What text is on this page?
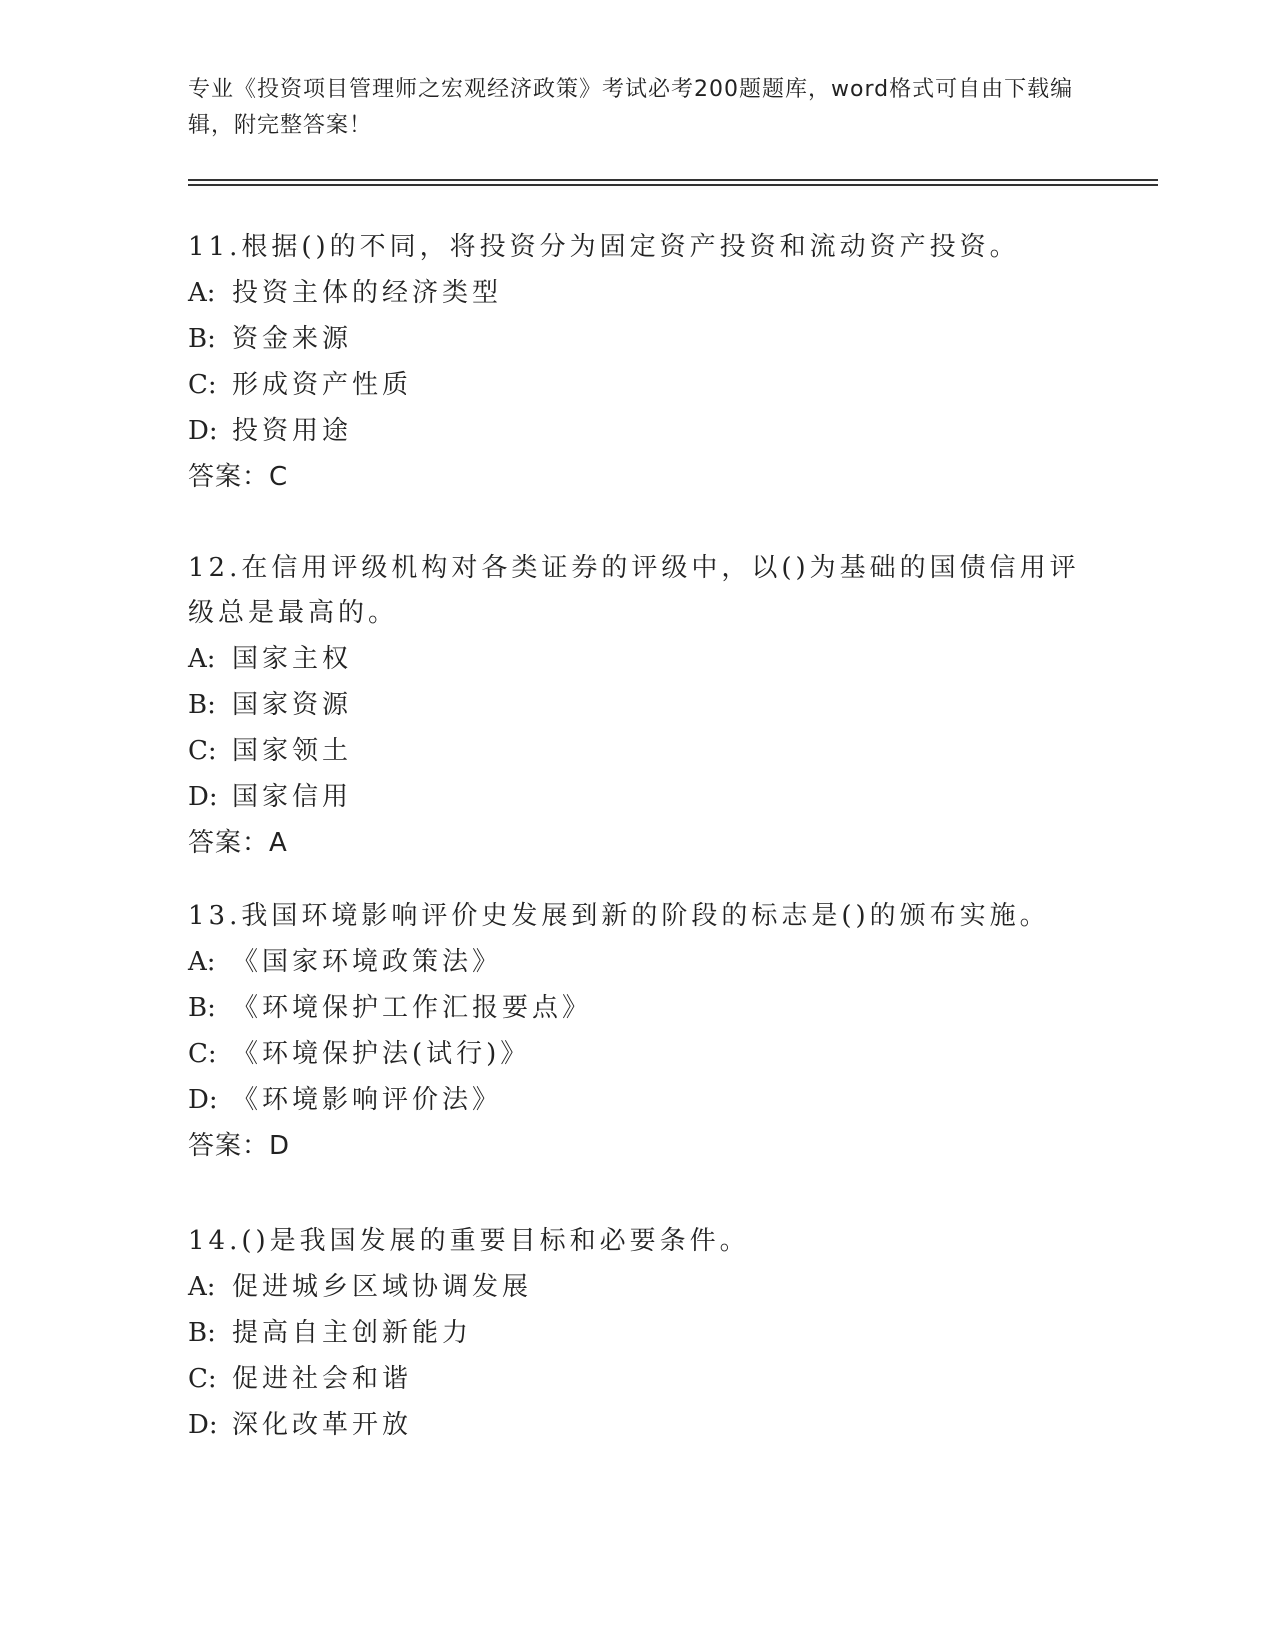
专业《投资项目管理师之宏观经济政策》考试必考200题题库，word格式可自由下载编辑，附完整答案！
11.根据()的不同，将投资分为固定资产投资和流动资产投资。
A: 投资主体的经济类型
B: 资金来源
C: 形成资产性质
D: 投资用途
答案：C
12.在信用评级机构对各类证券的评级中，以()为基础的国债信用评级总是最高的。
A: 国家主权
B: 国家资源
C: 国家领土
D: 国家信用
答案：A
13.我国环境影响评价史发展到新的阶段的标志是()的颁布实施。
A: 《国家环境政策法》
B: 《环境保护工作汇报要点》
C: 《环境保护法(试行)》
D: 《环境影响评价法》
答案：D
14.()是我国发展的重要目标和必要条件。
A: 促进城乡区域协调发展
B: 提高自主创新能力
C: 促进社会和谐
D: 深化改革开放
